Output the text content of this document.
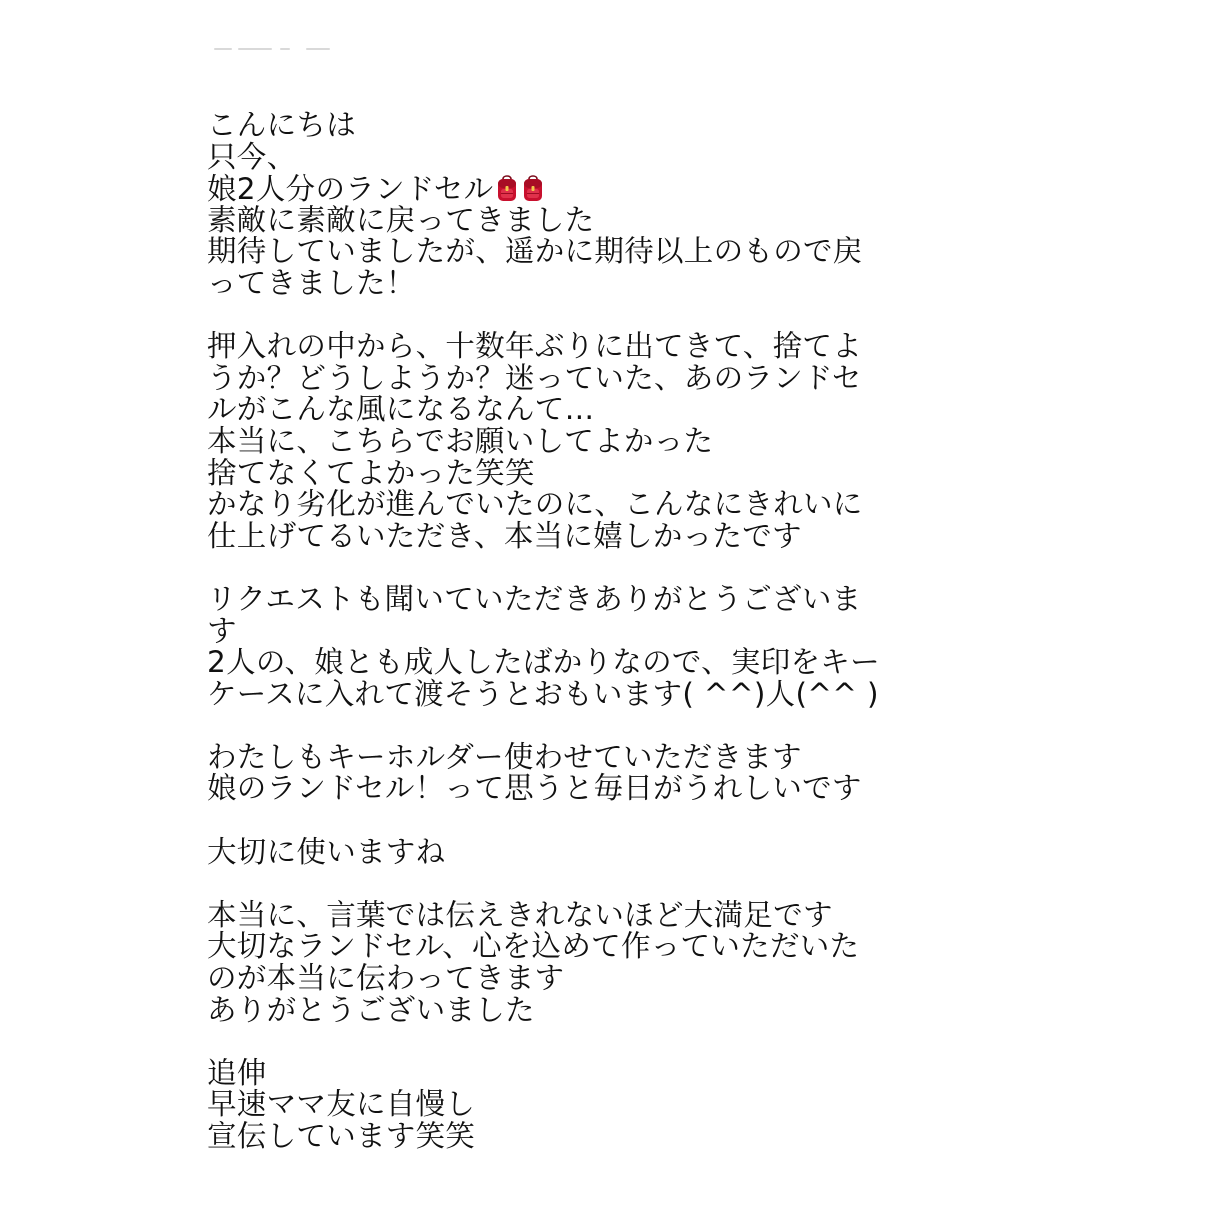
こんにちは
只今、
娘2人分のランドセル
素敵に素敵に戻ってきました
期待していましたが、遥かに期待以上のもので戻
ってきました！
押入れの中から、十数年ぶりに出てきて、捨てよ
うか？どうしようか？迷っていた、あのランドセ
ルがこんな風になるなんて…
本当に、こちらでお願いしてよかった
捨てなくてよかった笑笑
かなり劣化が進んでいたのに、こんなにきれいに
仕上げてるいただき、本当に嬉しかったです
リクエストも聞いていただきありがとうございま
す
2人の、娘とも成人したばかりなので、実印をキー
ケースに入れて渡そうとおもいます( ^^)人(^^ )
わたしもキーホルダー使わせていただきます
娘のランドセル！って思うと毎日がうれしいです
大切に使いますね
本当に、言葉では伝えきれないほど大満足です
大切なランドセル、心を込めて作っていただいた
のが本当に伝わってきます
ありがとうございました
追伸
早速ママ友に自慢し
宣伝しています笑笑
